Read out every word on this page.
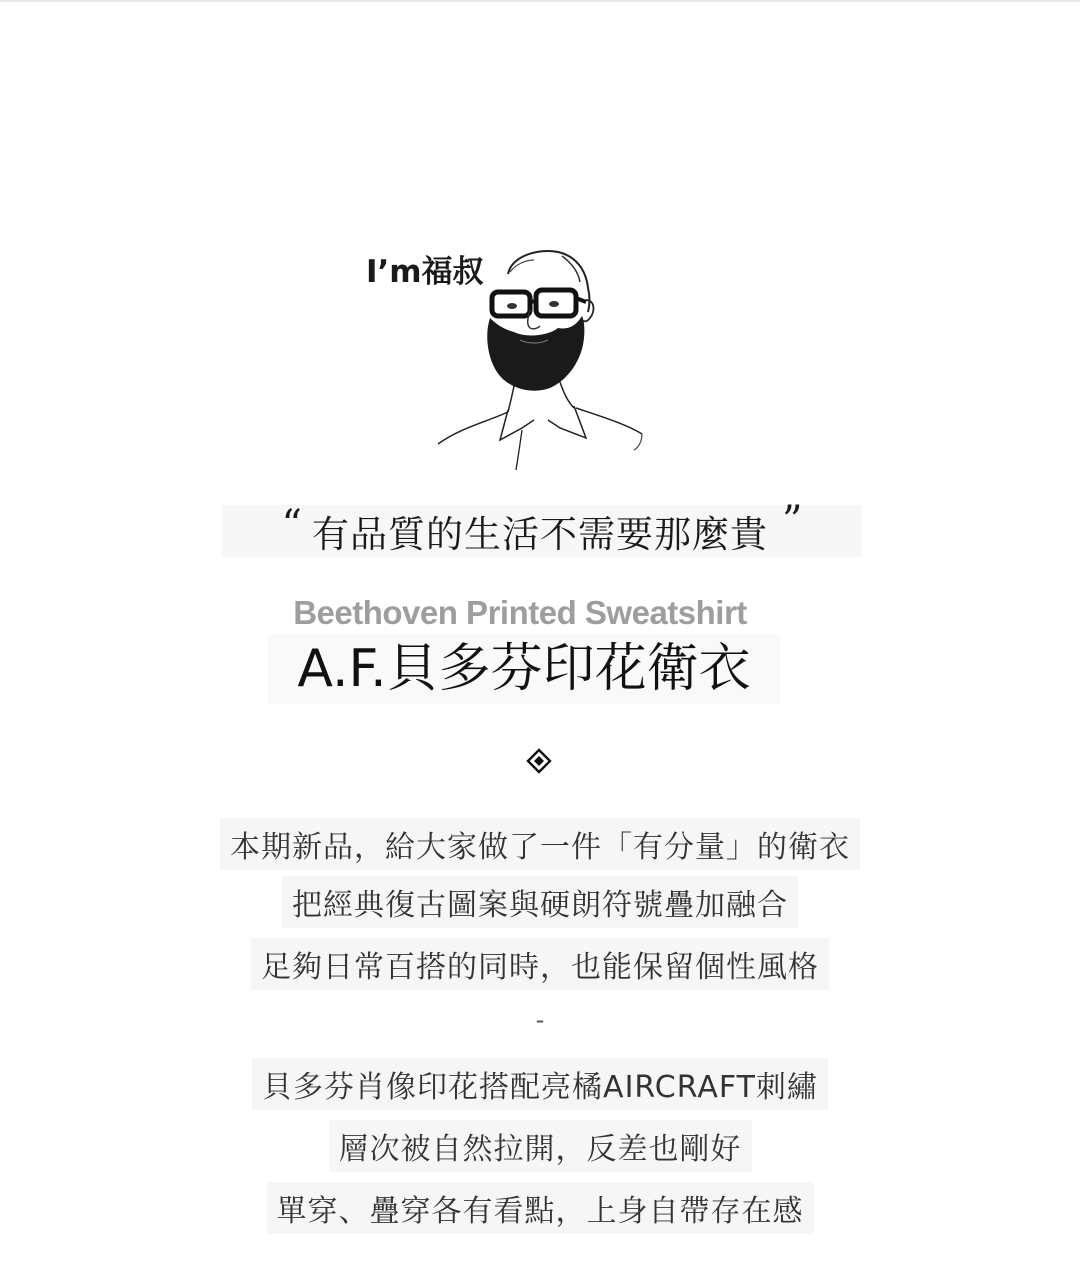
I’m福叔
“ 有品質的生活不需要那麼貴 ”
Beethoven Printed Sweatshirt
A.F.貝多芬印花衛衣
本期新品，給大家做了一件「有分量」的衛衣
把經典復古圖案與硬朗符號疊加融合
足夠日常百搭的同時，也能保留個性風格
-
貝多芬肖像印花搭配亮橘AIRCRAFT刺繡
層次被自然拉開，反差也剛好
單穿、疊穿各有看點，上身自帶存在感
